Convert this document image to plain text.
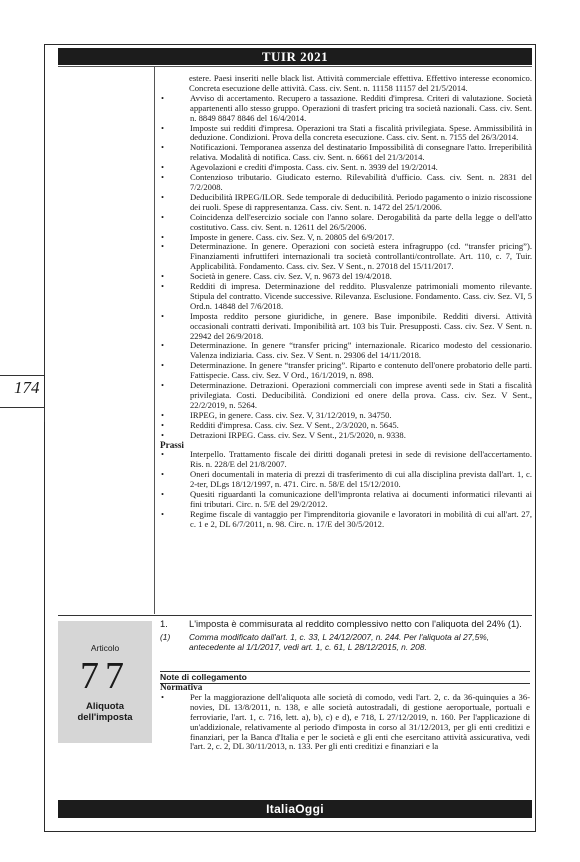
TUIR 2021
174
estere. Paesi inseriti nelle black list. Attività commerciale effettiva. Effettivo interesse economico. Concreta esecuzione delle attività. Cass. civ. Sent. n. 11158 11157 del 21/5/2014.
•	Avviso di accertamento. Recupero a tassazione. Redditi d'impresa. Criteri di valutazione. Società appartenenti allo stesso gruppo. Operazioni di trasfert pricing tra società nazionali. Cass. civ. Sent. n. 8849 8847 8846 del 16/4/2014.
•	Imposte sui redditi d'impresa. Operazioni tra Stati a fiscalità privilegiata. Spese. Ammissibilità in deduzione. Condizioni. Prova della concreta esecuzione. Cass. civ. Sent. n. 7155 del 26/3/2014.
•	Notificazioni. Temporanea assenza del destinatario Impossibilità di consegnare l'atto. Irreperibilità relativa. Modalità di notifica. Cass. civ. Sent. n. 6661 del 21/3/2014.
•	Agevolazioni e crediti d'imposta. Cass. civ. Sent. n. 3939 del 19/2/2014.
•	Contenzioso tributario. Giudicato esterno. Rilevabilità d'ufficio. Cass. civ. Sent. n. 2831 del 7/2/2008.
•	Deducibilità IRPEG/ILOR. Sede temporale di deducibilità. Periodo pagamento o inizio riscossione dei ruoli. Spese di rappresentanza. Cass. civ. Sent. n. 1472 del 25/1/2006.
•	Coincidenza dell'esercizio sociale con l'anno solare. Derogabilità da parte della legge o dell'atto costitutivo. Cass. civ. Sent. n. 12611 del 26/5/2006.
•	Imposte in genere. Cass. civ. Sez. V, n. 20805 del 6/9/2017.
•	Determinazione. In genere. Operazioni con società estera infragruppo (cd. “transfer pricing”). Finanziamenti infruttiferi internazionali tra società controllanti/controllate. Art. 110, c. 7, Tuir. Applicabilità. Fondamento. Cass. civ. Sez. V Sent., n. 27018 del 15/11/2017.
•	Società in genere. Cass. civ. Sez. V, n. 9673 del 19/4/2018.
•	Redditi di impresa. Determinazione del reddito. Plusvalenze patrimoniali momento rilevante. Stipula del contratto. Vicende successive. Rilevanza. Esclusione. Fondamento. Cass. civ. Sez. VI, 5 Ord.n. 14848 del 7/6/2018.
•	Imposta reddito persone giuridiche, in genere. Base imponibile. Redditi diversi. Attività occasionali contratti derivati. Imponibilità art. 103 bis Tuir. Presupposti. Cass. civ. Sez. V Sent. n. 22942 del 26/9/2018.
•	Determinazione. In genere “transfer pricing” internazionale. Ricarico modesto del cessionario. Valenza indiziaria. Cass. civ. Sez. V Sent. n. 29306 del 14/11/2018.
•	Determinazione. In genere “transfer pricing”. Riparto e contenuto dell'onere probatorio delle parti. Fattispecie. Cass. civ. Sez. V Ord., 16/1/2019, n. 898.
•	Determinazione. Detrazioni. Operazioni commerciali con imprese aventi sede in Stati a fiscalità privilegiata. Costi. Deducibilità. Condizioni ed onere della prova. Cass. civ. Sez. V Sent., 22/2/2019, n. 5264.
•	IRPEG, in genere. Cass. civ. Sez. V, 31/12/2019, n. 34750.
•	Redditi d'impresa. Cass. civ. Sez. V Sent., 2/3/2020, n. 5645.
•	Detrazioni IRPEG. Cass. civ. Sez. V Sent., 21/5/2020, n. 9338.
Prassi
•	Interpello. Trattamento fiscale dei diritti doganali pretesi in sede di revisione dell'accertamento. Ris. n. 228/E del 21/8/2007.
•	Oneri documentali in materia di prezzi di trasferimento di cui alla disciplina prevista dall'art. 1, c. 2-ter, DLgs 18/12/1997, n. 471. Circ. n. 58/E del 15/12/2010.
•	Quesiti riguardanti la comunicazione dell'impronta relativa ai documenti informatici rilevanti ai fini tributari. Circ. n. 5/E del 29/2/2012.
•	Regime fiscale di vantaggio per l'imprenditoria giovanile e lavoratori in mobilità di cui all'art. 27, c. 1 e 2, DL 6/7/2011, n. 98. Circ. n. 17/E del 30/5/2012.
Articolo
77
Aliquota
dell'imposta
1.	L'imposta è commisurata al reddito complessivo netto con l'aliquota del 24% (1).
(1)	Comma modificato dall'art. 1, c. 33, L 24/12/2007, n. 244. Per l'aliquota al 27,5%, antecedente al 1/1/2017, vedi art. 1, c. 61, L 28/12/2015, n. 208.
Note di collegamento
Normativa
•	Per la maggiorazione dell'aliquota alle società di comodo, vedi l'art. 2, c. da 36-quinquies a 36-novies, DL 13/8/2011, n. 138, e alle società autostradali, di gestione aeroportuale, portuali e ferroviarie, l'art. 1, c. 716, lett. a), b), c) e d), e 718, L 27/12/2019, n. 160. Per l'applicazione di un'addizionale, relativamente al periodo d'imposta in corso al 31/12/2013, per gli enti creditizi e finanziari, per la Banca d'Italia e per le società e gli enti che esercitano attività assicurativa, vedi l'art. 2, c. 2, DL 30/11/2013, n. 133. Per gli enti creditizi e finanziari e la
ItaliaOggi
